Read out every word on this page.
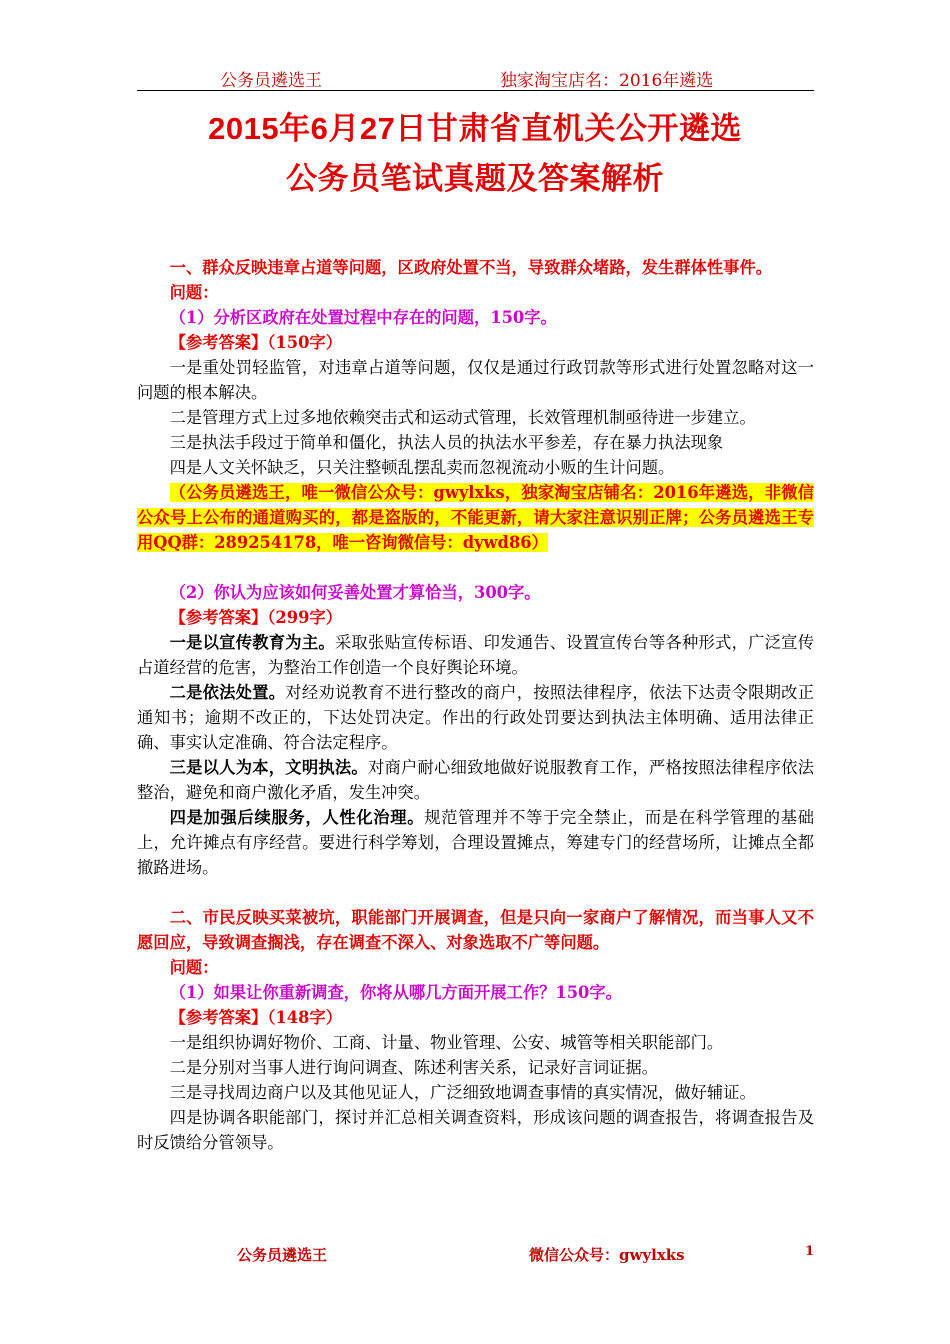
公务员遴选王	独家淘宝店名：2016年遴选
2015年6月27日甘肃省直机关公开遴选
公务员笔试真题及答案解析

一、群众反映违章占道等问题，区政府处置不当，导致群众堵路，发生群体性事件。

问题：

（1）分析区政府在处置过程中存在的问题，150字。

【参考答案】（150字）

一是重处罚轻监管，对违章占道等问题，仅仅是通过行政罚款等形式进行处置忽略对这一问题的根本解决。

二是管理方式上过多地依赖突击式和运动式管理，长效管理机制亟待进一步建立。

三是执法手段过于简单和僵化，执法人员的执法水平参差，存在暴力执法现象

四是人文关怀缺乏，只关注整顿乱摆乱卖而忽视流动小贩的生计问题。

（公务员遴选王，唯一微信公众号：gwylxks，独家淘宝店铺名：2016年遴选，非微信公众号上公布的通道购买的，都是盗版的，不能更新，请大家注意识别正牌；公务员遴选王专用QQ群：289254178，唯一咨询微信号：dywd86）

（2）你认为应该如何妥善处置才算恰当，300字。

【参考答案】（299字）

一是以宣传教育为主。采取张贴宣传标语、印发通告、设置宣传台等各种形式，广泛宣传占道经营的危害，为整治工作创造一个良好舆论环境。

二是依法处置。对经劝说教育不进行整改的商户，按照法律程序，依法下达责令限期改正通知书；逾期不改正的，下达处罚决定。作出的行政处罚要达到执法主体明确、适用法律正确、事实认定准确、符合法定程序。

三是以人为本，文明执法。对商户耐心细致地做好说服教育工作，严格按照法律程序依法整治，避免和商户激化矛盾，发生冲突。

四是加强后续服务，人性化治理。规范管理并不等于完全禁止，而是在科学管理的基础上，允许摊点有序经营。要进行科学筹划，合理设置摊点，筹建专门的经营场所，让摊点全都撤路进场。

二、市民反映买菜被坑，职能部门开展调查，但是只向一家商户了解情况，而当事人又不愿回应，导致调查搁浅，存在调查不深入、对象选取不广等问题。

问题：

（1）如果让你重新调查，你将从哪几方面开展工作？150字。

【参考答案】（148字）

一是组织协调好物价、工商、计量、物业管理、公安、城管等相关职能部门。

二是分别对当事人进行询问调查、陈述利害关系，记录好言词证据。

三是寻找周边商户以及其他见证人，广泛细致地调查事情的真实情况，做好辅证。

四是协调各职能部门，探讨并汇总相关调查资料，形成该问题的调查报告，将调查报告及时反馈给分管领导。

公务员遴选王	微信公众号：gwylxks	1
